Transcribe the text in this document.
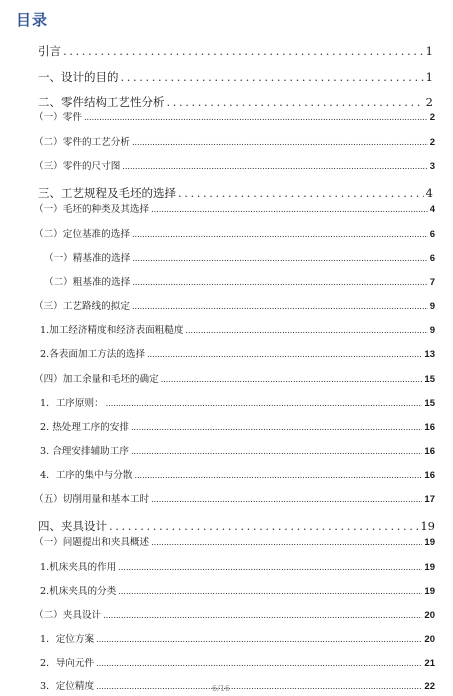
目录
引言 .....	1
一、设计的目的 .....	1
二、零件结构工艺性分析 .....	2
（一）零件 .....	2
（二）零件的工艺分析 .....	2
（三）零件的尺寸图 .....	3
三、工艺规程及毛坯的选择 .....	4
（一）毛坯的种类及其选择 .....	4
（二）定位基准的选择 .....	6
（一）精基准的选择 .....	6
（二）粗基准的选择 .....	7
（三）工艺路线的拟定 .....	9
1.加工经济精度和经济表面粗糙度 .....	9
2.各表面加工方法的选择 .....	13
（四）加工余量和毛坯的确定 .....	15
1．工序原则： .....	15
2. 热处理工序的安排 .....	16
3. 合理安排辅助工序 .....	16
4．工序的集中与分散 .....	16
（五）切削用量和基本工时 .....	17
四、夹具设计 .....	19
（一）问题提出和夹具概述 .....	19
1.机床夹具的作用 .....	19
2.机床夹具的分类 .....	19
（二）夹具设计 .....	20
1．定位方案 .....	20
2．导向元件 .....	21
3．定位精度 .....	22
6/16
